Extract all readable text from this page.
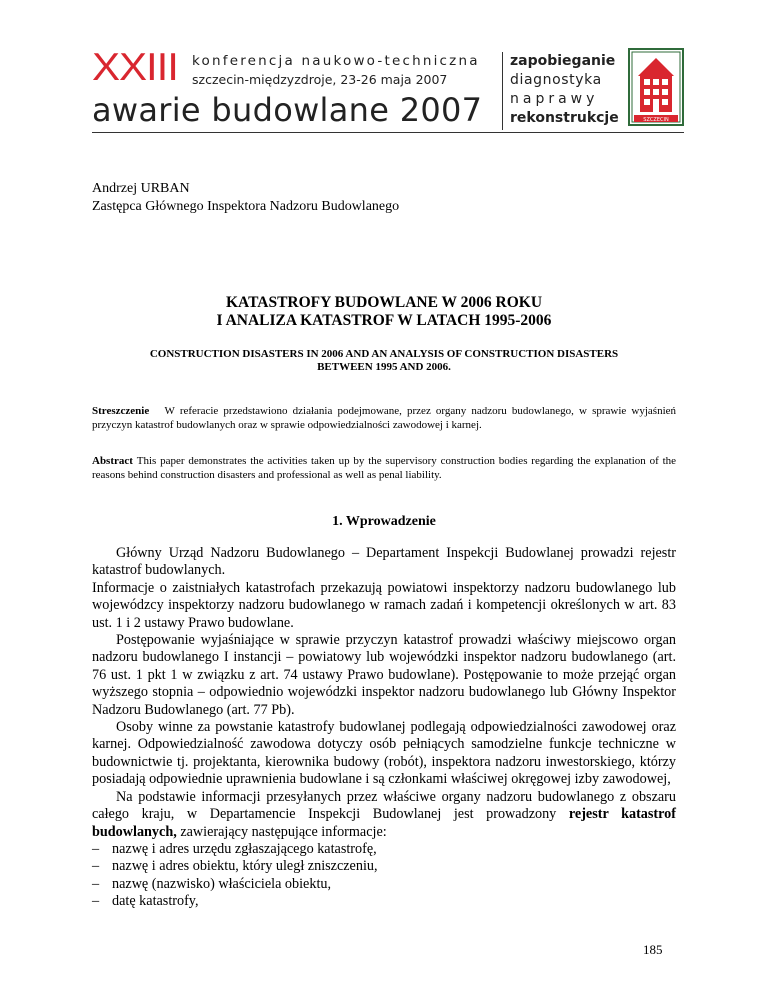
XXIII konferencja naukowo-techniczna
szczecin-międzyzdroje, 23-26 maja 2007
awarie budowlane 2007
zapobieganie
diagnostyka
naprawy
rekonstrukcje	SZCZECIN
Andrzej URBAN
Zastępca Głównego Inspektora Nadzoru Budowlanego
KATASTROFY BUDOWLANE W 2006 ROKU
I ANALIZA KATASTROF W LATACH 1995-2006
CONSTRUCTION DISASTERS IN 2006 AND AN ANALYSIS OF CONSTRUCTION DISASTERS
BETWEEN 1995 AND 2006.
Streszczenie W referacie przedstawiono działania podejmowane, przez organy nadzoru budowlanego, w sprawie wyjaśnień przyczyn katastrof budowlanych oraz w sprawie odpowiedzialności zawodowej i karnej.
Abstract This paper demonstrates the activities taken up by the supervisory construction bodies regarding the explanation of the reasons behind construction disasters and professional as well as penal liability.
1. Wprowadzenie

Główny Urząd Nadzoru Budowlanego – Departament Inspekcji Budowlanej prowadzi rejestr katastrof budowlanych.

Informacje o zaistniałych katastrofach przekazują powiatowi inspektorzy nadzoru budowlanego lub wojewódzcy inspektorzy nadzoru budowlanego w ramach zadań i kompetencji określonych w art. 83 ust. 1 i 2 ustawy Prawo budowlane.

Postępowanie wyjaśniające w sprawie przyczyn katastrof prowadzi właściwy miejscowo organ nadzoru budowlanego I instancji – powiatowy lub wojewódzki inspektor nadzoru budowlanego (art. 76 ust. 1 pkt 1 w związku z art. 74 ustawy Prawo budowlane). Postępowanie to może przejąć organ wyższego stopnia – odpowiednio wojewódzki inspektor nadzoru budowlanego lub Główny Inspektor Nadzoru Budowlanego (art. 77 Pb).

Osoby winne za powstanie katastrofy budowlanej podlegają odpowiedzialności zawodowej oraz karnej. Odpowiedzialność zawodowa dotyczy osób pełniących samodzielne funkcje techniczne w budownictwie tj. projektanta, kierownika budowy (robót), inspektora nadzoru inwestorskiego, którzy posiadają odpowiednie uprawnienia budowlane i są członkami właściwej okręgowej izby zawodowej,

Na podstawie informacji przesyłanych przez właściwe organy nadzoru budowlanego z obszaru całego kraju, w Departamencie Inspekcji Budowlanej jest prowadzony rejestr katastrof budowlanych, zawierający następujące informacje:

– nazwę i adres urzędu zgłaszającego katastrofę,
– nazwę i adres obiektu, który uległ zniszczeniu,
– nazwę (nazwisko) właściciela obiektu,
– datę katastrofy,
185
